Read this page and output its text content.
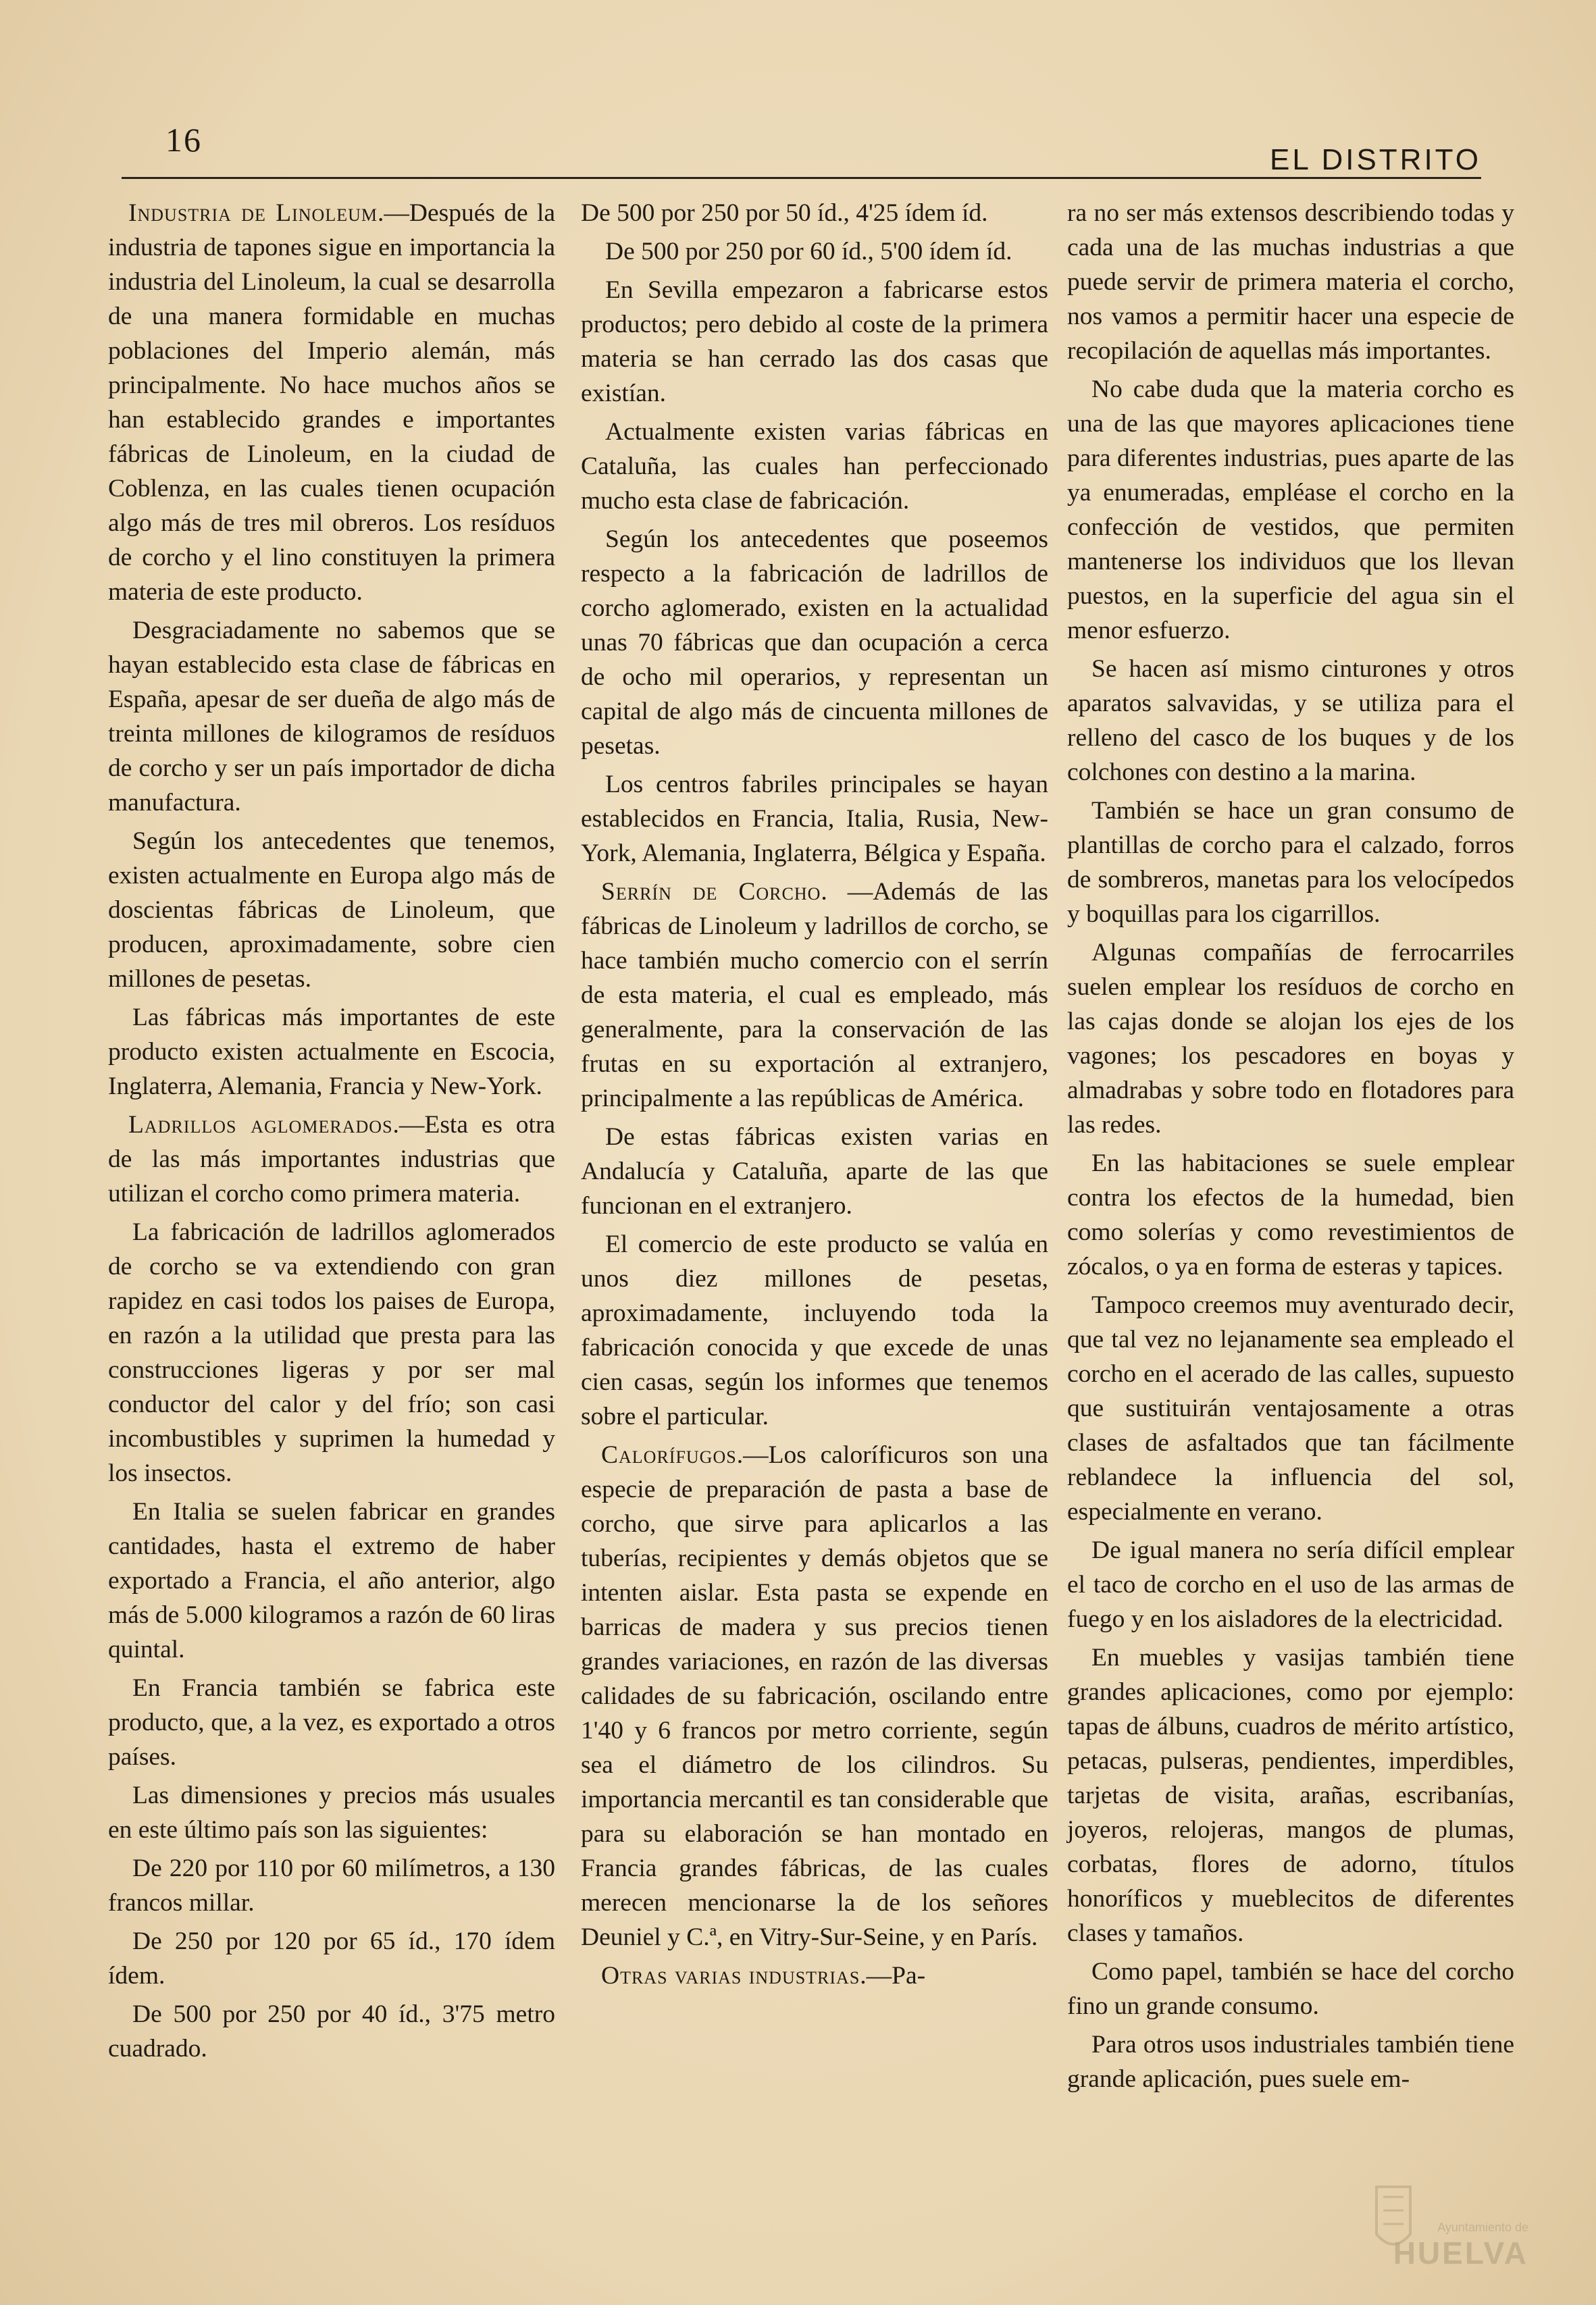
16
EL DISTRITO

Industria de Linoleum.—Después de la industria de tapones sigue en importancia la industria del Linoleum, la cual se desarrolla de una manera formidable en muchas poblaciones del Imperio alemán, más principalmente. No hace muchos años se han establecido grandes e importantes fábricas de Linoleum, en la ciudad de Coblenza, en las cuales tienen ocupación algo más de tres mil obreros. Los resíduos de corcho y el lino constituyen la primera materia de este producto.

Desgraciadamente no sabemos que se hayan establecido esta clase de fábricas en España, apesar de ser dueña de algo más de treinta millones de kilogramos de resíduos de corcho y ser un país importador de dicha manufactura.

Según los antecedentes que tenemos, existen actualmente en Europa algo más de doscientas fábricas de Linoleum, que producen, aproximadamente, sobre cien millones de pesetas.

Las fábricas más importantes de este producto existen actualmente en Escocia, Inglaterra, Alemania, Francia y New-York.

Ladrillos aglomerados.—Esta es otra de las más importantes industrias que utilizan el corcho como primera materia.

La fabricación de ladrillos aglomerados de corcho se va extendiendo con gran rapidez en casi todos los paises de Europa, en razón a la utilidad que presta para las construcciones ligeras y por ser mal conductor del calor y del frío; son casi incombustibles y suprimen la humedad y los insectos.

En Italia se suelen fabricar en grandes cantidades, hasta el extremo de haber exportado a Francia, el año anterior, algo más de 5.000 kilogramos a razón de 60 liras quintal.

En Francia también se fabrica este producto, que, a la vez, es exportado a otros países.

Las dimensiones y precios más usuales en este último país son las siguientes:

De 220 por 110 por 60 milímetros, a 130 francos millar.

De 250 por 120 por 65 íd., 170 ídem ídem.

De 500 por 250 por 40 íd., 3'75 metro cuadrado.

De 500 por 250 por 50 íd., 4'25 ídem íd.

De 500 por 250 por 60 íd., 5'00 ídem íd.

En Sevilla empezaron a fabricarse estos productos; pero debido al coste de la primera materia se han cerrado las dos casas que existían.

Actualmente existen varias fábricas en Cataluña, las cuales han perfeccionado mucho esta clase de fabricación.

Según los antecedentes que poseemos respecto a la fabricación de ladrillos de corcho aglomerado, existen en la actualidad unas 70 fábricas que dan ocupación a cerca de ocho mil operarios, y representan un capital de algo más de cincuenta millones de pesetas.

Los centros fabriles principales se hayan establecidos en Francia, Italia, Rusia, New-York, Alemania, Inglaterra, Bélgica y España.

Serrín de Corcho. —Además de las fábricas de Linoleum y ladrillos de corcho, se hace también mucho comercio con el serrín de esta materia, el cual es empleado, más generalmente, para la conservación de las frutas en su exportación al extranjero, principalmente a las repúblicas de América.

De estas fábricas existen varias en Andalucía y Cataluña, aparte de las que funcionan en el extranjero.

El comercio de este producto se valúa en unos diez millones de pesetas, aproximadamente, incluyendo toda la fabricación conocida y que excede de unas cien casas, según los informes que tenemos sobre el particular.

Calorífugos.—Los caloríficuros son una especie de preparación de pasta a base de corcho, que sirve para aplicarlos a las tuberías, recipientes y demás objetos que se intenten aislar. Esta pasta se expende en barricas de madera y sus precios tienen grandes variaciones, en razón de las diversas calidades de su fabricación, oscilando entre 1'40 y 6 francos por metro corriente, según sea el diámetro de los cilindros. Su importancia mercantil es tan considerable que para su elaboración se han montado en Francia grandes fábricas, de las cuales merecen mencionarse la de los señores Deuniel y C.ª, en Vitry-Sur-Seine, y en París.

Otras varias industrias.—Pa-

ra no ser más extensos describiendo todas y cada una de las muchas industrias a que puede servir de primera materia el corcho, nos vamos a permitir hacer una especie de recopilación de aquellas más importantes.

No cabe duda que la materia corcho es una de las que mayores aplicaciones tiene para diferentes industrias, pues aparte de las ya enumeradas, empléase el corcho en la confección de vestidos, que permiten mantenerse los individuos que los llevan puestos, en la superficie del agua sin el menor esfuerzo.

Se hacen así mismo cinturones y otros aparatos salvavidas, y se utiliza para el relleno del casco de los buques y de los colchones con destino a la marina.

También se hace un gran consumo de plantillas de corcho para el calzado, forros de sombreros, manetas para los velocípedos y boquillas para los cigarrillos.

Algunas compañías de ferrocarriles suelen emplear los resíduos de corcho en las cajas donde se alojan los ejes de los vagones; los pescadores en boyas y almadrabas y sobre todo en flotadores para las redes.

En las habitaciones se suele emplear contra los efectos de la humedad, bien como solerías y como revestimientos de zócalos, o ya en forma de esteras y tapices.

Tampoco creemos muy aventurado decir, que tal vez no lejanamente sea empleado el corcho en el acerado de las calles, supuesto que sustituirán ventajosamente a otras clases de asfaltados que tan fácilmente reblandece la influencia del sol, especialmente en verano.

De igual manera no sería difícil emplear el taco de corcho en el uso de las armas de fuego y en los aisladores de la electricidad.

En muebles y vasijas también tiene grandes aplicaciones, como por ejemplo: tapas de álbuns, cuadros de mérito artístico, petacas, pulseras, pendientes, imperdibles, tarjetas de visita, arañas, escribanías, joyeros, relojeras, mangos de plumas, corbatas, flores de adorno, títulos honoríficos y mueblecitos de diferentes clases y tamaños.

Como papel, también se hace del corcho fino un grande consumo.

Para otros usos industriales también tiene grande aplicación, pues suele em-

Ayuntamiento de
HUELVA
